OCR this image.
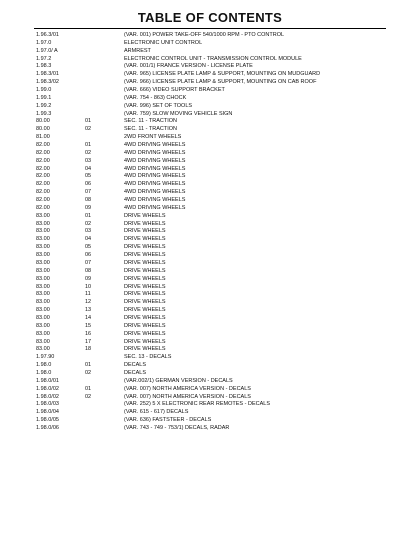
TABLE OF CONTENTS
1.96.3/01	(VAR. 001) POWER TAKE-OFF 540/1000 RPM - PTO CONTROL
1.97.0	ELECTRONIC UNIT CONTROL
1.97.0/ A	ARMREST
1.97.2	ELECTRONIC CONTROL UNIT - TRANSMISSION CONTROL MODULE
1.98.3	(VAR. 001/1) FRANCE VERSION - LICENSE PLATE
1.98.3/01	(VAR. 965) LICENSE PLATE LAMP & SUPPORT, MOUNTING ON MUDGUARD
1.98.3/02	(VAR. 966) LICENSE PLATE LAMP & SUPPORT, MOUNTING ON CAB ROOF
1.99.0	(VAR. 666) VIDEO SUPPORT BRACKET
1.99.1	(VAR. 754 - 863) CHOCK
1.99.2	(VAR. 996) SET OF TOOLS
1.99.3	(VAR. 759) SLOW MOVING VEHICLE SIGN
80.00	01	SEC. 11 - TRACTION
80.00	02	SEC. 11 - TRACTION
81.00	2WD FRONT WHEELS
82.00	01	4WD DRIVING WHEELS
82.00	02	4WD DRIVING WHEELS
82.00	03	4WD DRIVING WHEELS
82.00	04	4WD DRIVING WHEELS
82.00	05	4WD DRIVING WHEELS
82.00	06	4WD DRIVING WHEELS
82.00	07	4WD DRIVING WHEELS
82.00	08	4WD DRIVING WHEELS
82.00	09	4WD DRIVING WHEELS
83.00	01	DRIVE WHEELS
83.00	02	DRIVE WHEELS
83.00	03	DRIVE WHEELS
83.00	04	DRIVE WHEELS
83.00	05	DRIVE WHEELS
83.00	06	DRIVE WHEELS
83.00	07	DRIVE WHEELS
83.00	08	DRIVE WHEELS
83.00	09	DRIVE WHEELS
83.00	10	DRIVE WHEELS
83.00	11	DRIVE WHEELS
83.00	12	DRIVE WHEELS
83.00	13	DRIVE WHEELS
83.00	14	DRIVE WHEELS
83.00	15	DRIVE WHEELS
83.00	16	DRIVE WHEELS
83.00	17	DRIVE WHEELS
83.00	18	DRIVE WHEELS
1.97.90	SEC. 13 - DECALS
1.98.0	01	DECALS
1.98.0	02	DECALS
1.98.0/01	(VAR.002/1) GERMAN VERSION - DECALS
1.98.0/02	01	(VAR. 007) NORTH AMERICA VERSION - DECALS
1.98.0/02	02	(VAR. 007) NORTH AMERICA VERSION - DECALS
1.98.0/03	(VAR. 252) 5 X ELECTRONIC REAR REMOTES - DECALS
1.98.0/04	(VAR. 615 - 617) DECALS
1.98.0/05	(VAR. 636) FASTSTEER - DECALS
1.98.0/06	(VAR. 743 - 749 - 753/1) DECALS, RADAR
